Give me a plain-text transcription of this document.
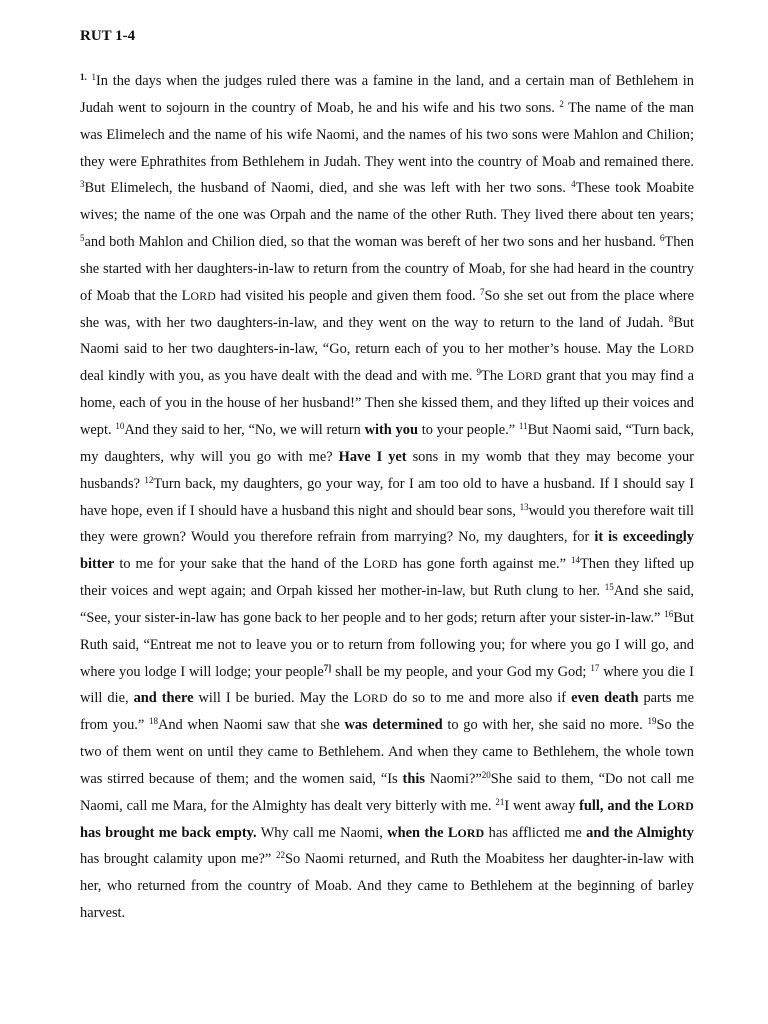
RUT 1-4

$^{1.}$ $^1$In the days when the judges ruled there was a famine in the land, and a certain man of Bethlehem in Judah went to sojourn in the country of Moab, he and his wife and his two sons. $^2$ The name of the man was Elimelech and the name of his wife Naomi, and the names of his two sons were Mahlon and Chilion; they were Ephrathites from Bethlehem in Judah. They went into the country of Moab and remained there. $^3$But Elimelech, the husband of Naomi, died, and she was left with her two sons. $^4$These took Moabite wives; the name of the one was Orpah and the name of the other Ruth. They lived there about ten years; $^5$and both Mahlon and Chilion died, so that the woman was bereft of her two sons and her husband. $^6$Then she started with her daughters-in-law to return from the country of Moab, for she had heard in the country of Moab that the LORD had visited his people and given them food. $^7$So she set out from the place where she was, with her two daughters-in-law, and they went on the way to return to the land of Judah. $^8$But Naomi said to her two daughters-in-law, “Go, return each of you to her mother’s house. May the LORD deal kindly with you, as you have dealt with the dead and with me. $^9$The LORD grant that you may find a home, each of you in the house of her husband!” Then she kissed them, and they lifted up their voices and wept. $^{10}$And they said to her, “No, we will return with you to your people.” $^{11}$But Naomi said, “Turn back, my daughters, why will you go with me? Have I yet sons in my womb that they may become your husbands? $^{12}$Turn back, my daughters, go your way, for I am too old to have a husband. If I should say I have hope, even if I should have a husband this night and should bear sons, $^{13}$would you therefore wait till they were grown? Would you therefore refrain from marrying? No, my daughters, for it is exceedingly bitter to me for your sake that the hand of the LORD has gone forth against me.” $^{14}$Then they lifted up their voices and wept again; and Orpah kissed her mother-in-law, but Ruth clung to her. $^{15}$And she said, “See, your sister-in-law has gone back to her people and to her gods; return after your sister-in-law.” $^{16}$But Ruth said, “Entreat me not to leave you or to return from following you; for where you go I will go, and where you lodge I will lodge; your people$^{7]}$ shall be my people, and your God my God; $^{17}$ where you die I will die, and there will I be buried. May the LORD do so to me and more also if even death parts me from you.” $^{18}$And when Naomi saw that she was determined to go with her, she said no more. $^{19}$So the two of them went on until they came to Bethlehem. And when they came to Bethlehem, the whole town was stirred because of them; and the women said, “Is this Naomi?”$^{20}$She said to them, “Do not call me Naomi, call me Mara, for the Almighty has dealt very bitterly with me. $^{21}$I went away full, and the LORD has brought me back empty. Why call me Naomi, when the LORD has afflicted me and the Almighty has brought calamity upon me?” $^{22}$So Naomi returned, and Ruth the Moabitess her daughter-in-law with her, who returned from the country of Moab. And they came to Bethlehem at the beginning of barley harvest.
